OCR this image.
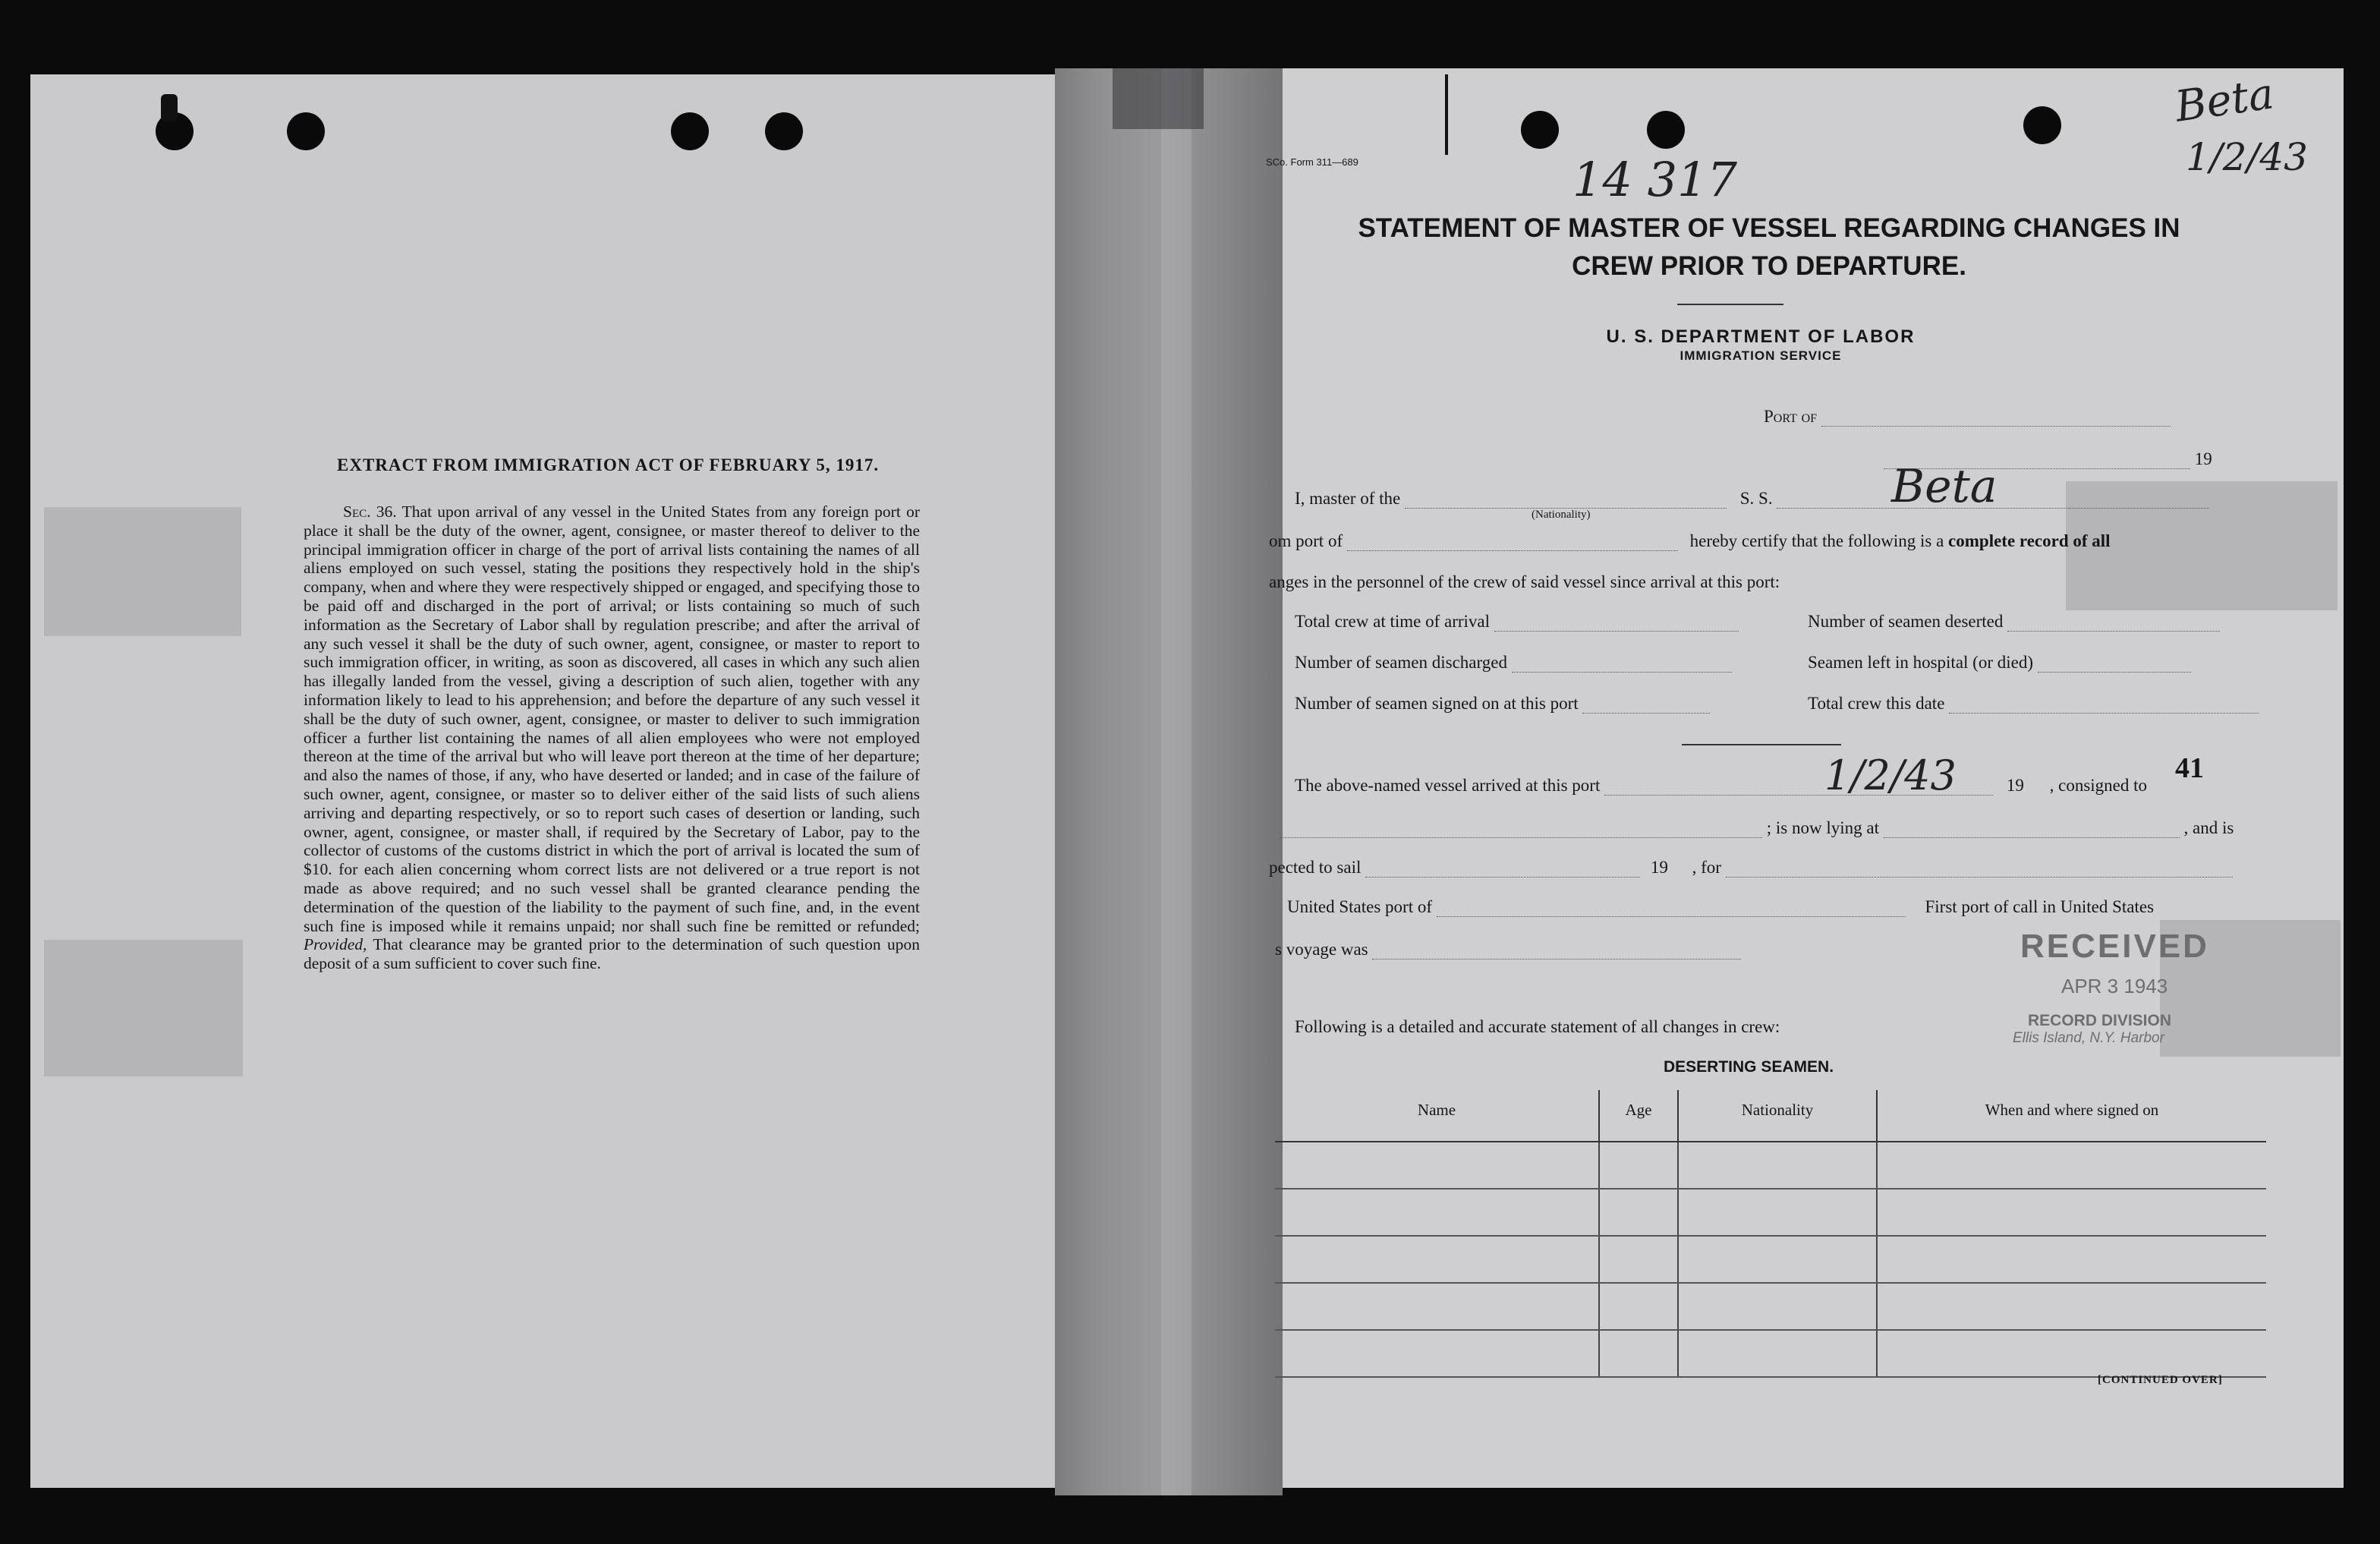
EXTRACT FROM IMMIGRATION ACT OF FEBRUARY 5, 1917.
Sec. 36. That upon arrival of any vessel in the United States from any foreign port or place it shall be the duty of the owner, agent, consignee, or master thereof to deliver to the principal immigration officer in charge of the port of arrival lists containing the names of all aliens employed on such vessel, stating the positions they respectively hold in the ship's company, when and where they were respectively shipped or engaged, and specifying those to be paid off and discharged in the port of arrival; or lists containing so much of such information as the Secretary of Labor shall by regulation prescribe; and after the arrival of any such vessel it shall be the duty of such owner, agent, consignee, or master to report to such immigration officer, in writing, as soon as discovered, all cases in which any such alien has illegally landed from the vessel, giving a description of such alien, together with any information likely to lead to his apprehension; and before the departure of any such vessel it shall be the duty of such owner, agent, consignee, or master to deliver to such immigration officer a further list containing the names of all alien employees who were not employed thereon at the time of the arrival but who will leave port thereon at the time of her departure; and also the names of those, if any, who have deserted or landed; and in case of the failure of such owner, agent, consignee, or master so to deliver either of the said lists of such aliens arriving and departing respectively, or so to report such cases of desertion or landing, such owner, agent, consignee, or master shall, if required by the Secretary of Labor, pay to the collector of customs of the customs district in which the port of arrival is located the sum of $10. for each alien concerning whom correct lists are not delivered or a true report is not made as above required; and no such vessel shall be granted clearance pending the determination of the question of the liability to the payment of such fine, and, in the event such fine is imposed while it remains unpaid; nor shall such fine be remitted or refunded; Provided, That clearance may be granted prior to the determination of such question upon deposit of a sum sufficient to cover such fine.
SCo. Form 311—689	14 317
Beta
1/2/43
STATEMENT OF MASTER OF VESSEL REGARDING CHANGES IN
CREW PRIOR TO DEPARTURE.
U. S. DEPARTMENT OF LABOR
IMMIGRATION SERVICE
Port of
19
I, master of the	S. S.
(Nationality)
Beta
om port of	hereby certify that the following is a complete record of all
anges in the personnel of the crew of said vessel since arrival at this port:
Total crew at time of arrival	Number of seamen deserted
Number of seamen discharged	Seamen left in hospital (or died)
Number of seamen signed on at this port	Total crew this date
The above-named vessel arrived at this port	19 , consigned to
1/2/43	41
; is now lying at	, and is
pected to sail	19 , for
United States port of	First port of call in United States
s voyage was	RECEIVED
APR 3 1943
RECORD DIVISION
Ellis Island, N.Y. Harbor
Following is a detailed and accurate statement of all changes in crew:
DESERTING SEAMEN.
Name	Age	Nationality	When and where signed on

[CONTINUED OVER]
